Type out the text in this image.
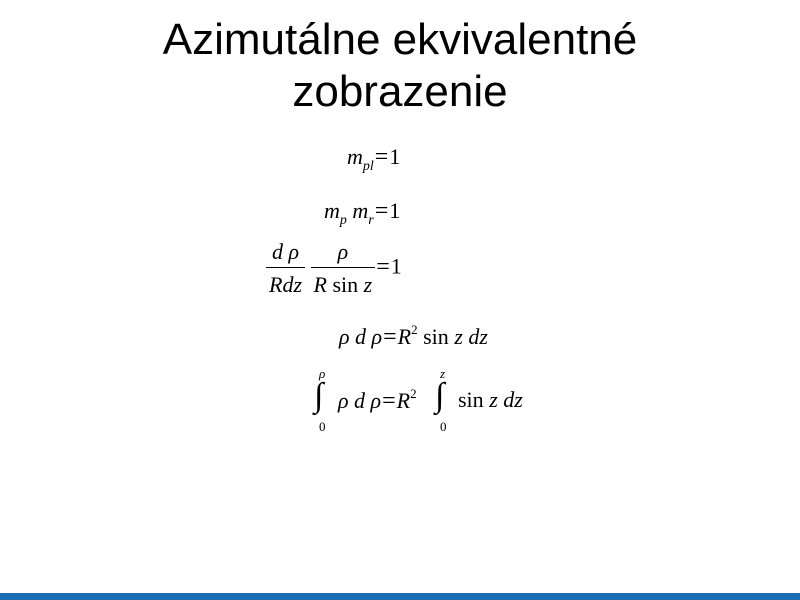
Azimutálne ekvivalentné
zobrazenie
$m_{pl}=1$
$m_p$ $m_r=1$
$\frac{\text{d ρ}}{\text{Rdz}}$
$\frac{\rho}{\text{R sin z}} =1$
ρ d $\rho=R^2$ sin z dz
ρ
∫
0
ρ d $\rho=R^2$
z
∫
0
sin z dz
